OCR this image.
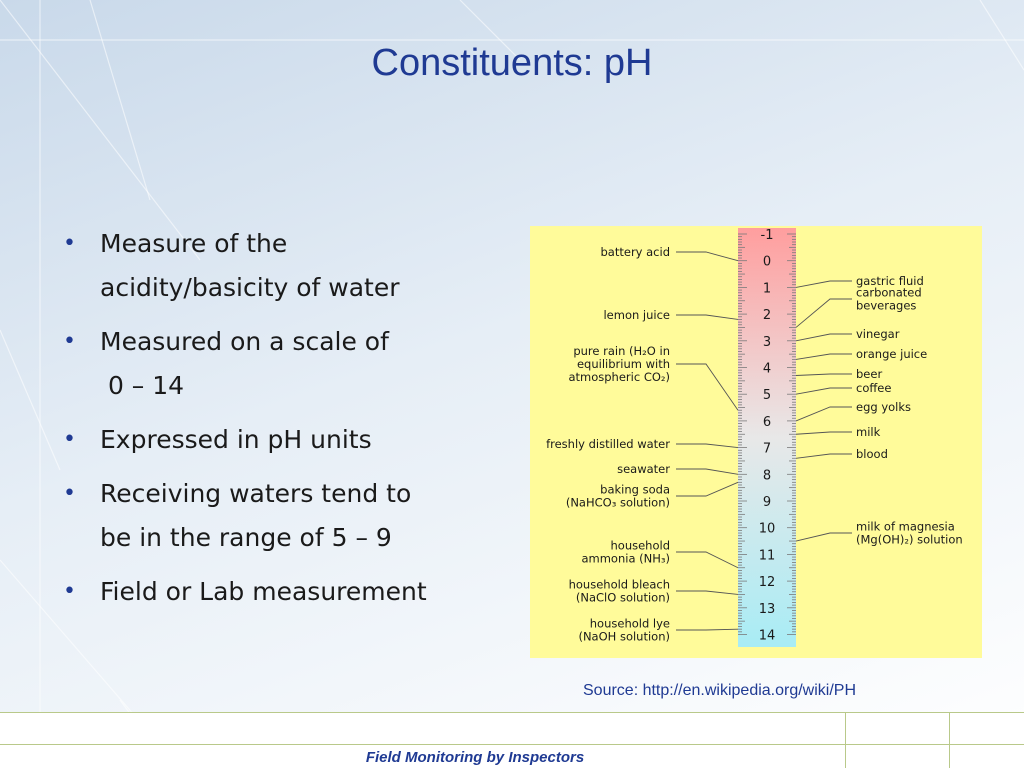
Constituents: pH
• Measure of the
acidity/basicity of water
• Measured on a scale of
0 – 14
• Expressed in pH units
• Receiving waters tend to
be in the range of 5 – 9
• Field or Lab measurement
-1
0
1
2
3
4
5
6
7
8
9
10
11
12
13
14
battery acid
lemon juice
pure rain (H₂O in
equilibrium with
atmospheric CO₂)
freshly distilled water
seawater
baking soda
(NaHCO₃ solution)
household
ammonia (NH₃)
household bleach
(NaClO solution)
household lye
(NaOH solution)
gastric fluid
carbonated
beverages
vinegar
orange juice
beer
coffee
egg yolks
milk
blood
milk of magnesia
(Mg(OH)₂) solution
Source: http://en.wikipedia.org/wiki/PH
Field Monitoring by Inspectors
